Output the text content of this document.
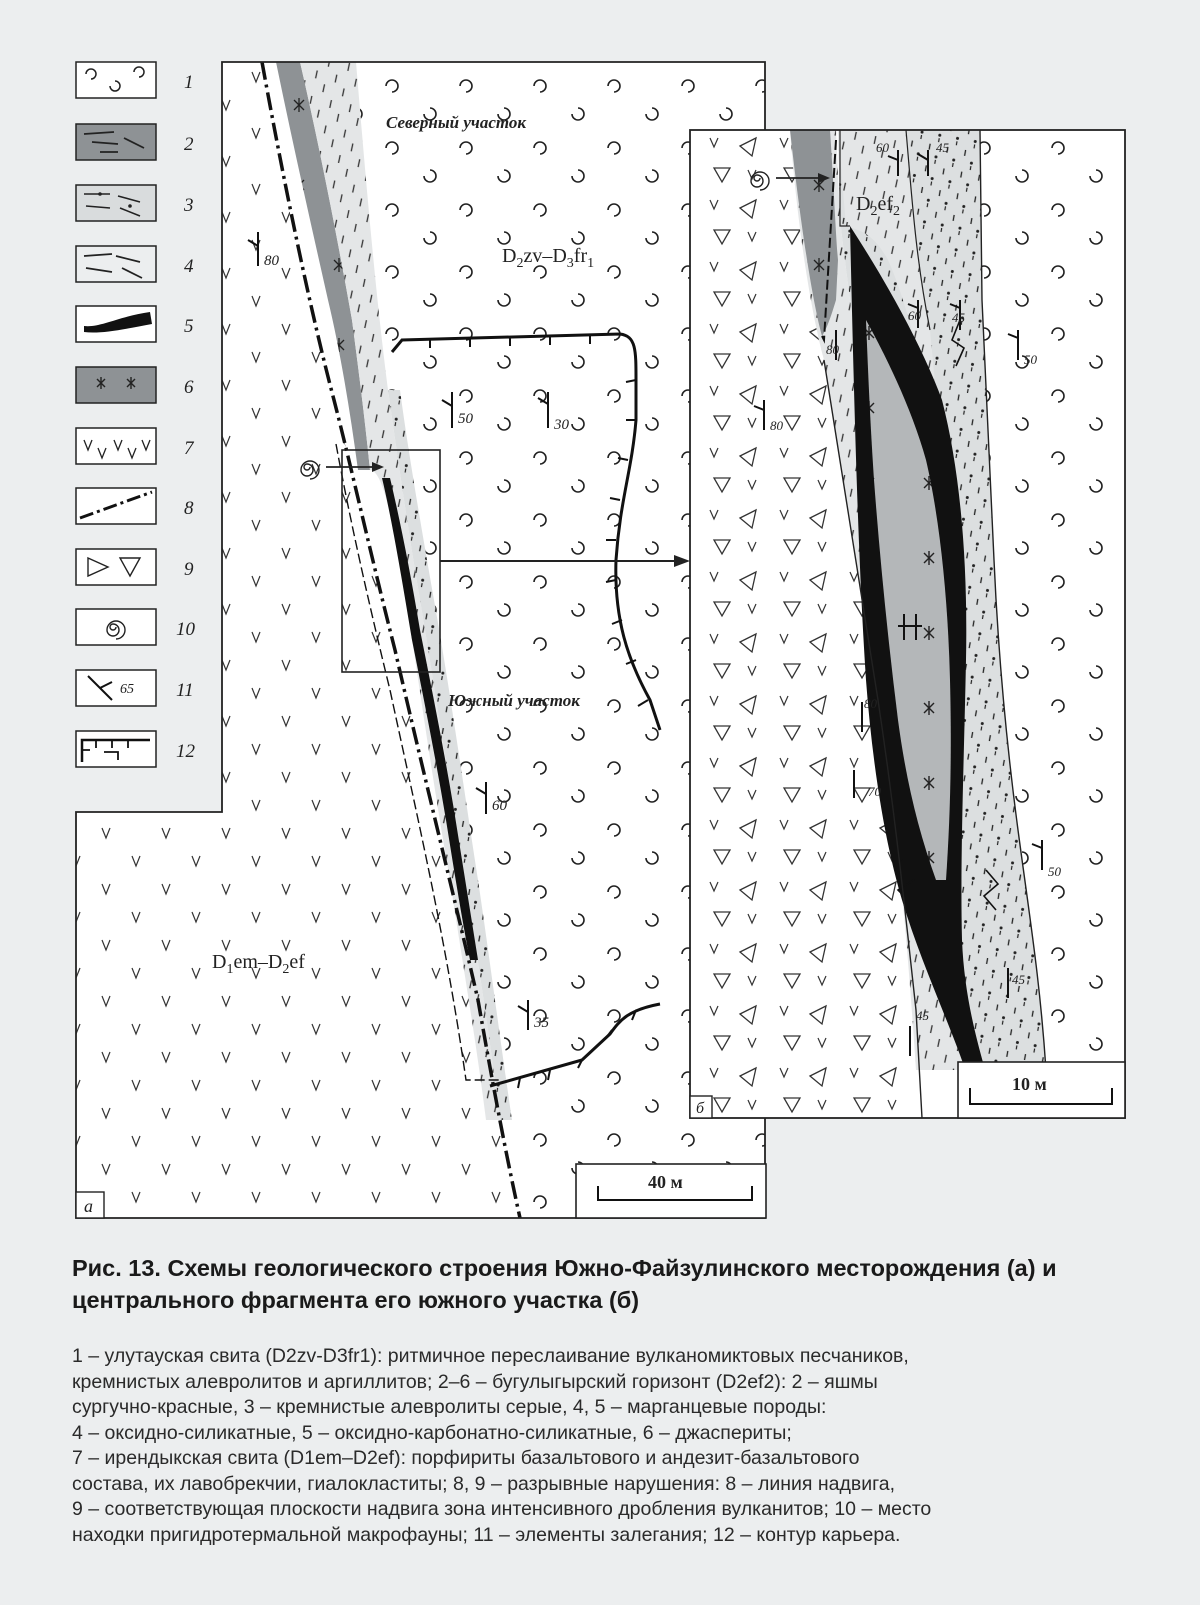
65
1
2
3
4
5
6
7
8
9
10
11
12
80
50	30
60
35
Северный участок
Южный участок
$D_2zv-D_3fr_1$
$D_1em-D_2ef$
40 м
а
60	45
60 45
80
80
50
80
70
50
45
45
$D_2ef_2$
10 м
б
Рис. 13. Схемы геологического строения Южно-Файзулинского месторождения (а) и центрального фрагмента его южного участка (б)

1 – улутауская свита (D2zv-D3fr1): ритмичное переслаивание вулканомиктовых песчаников,

кремнистых алевролитов и аргиллитов; 2–6 – бугулыгырский горизонт (D2ef2): 2 – яшмы

сургучно-красные, 3 – кремнистые алевролиты серые, 4, 5 – марганцевые породы:

4 – оксидно-силикатные, 5 – оксидно-карбонатно-силикатные, 6 – джаспериты;

7 – ирендыкская свита (D1em–D2ef): порфириты базальтового и андезит-базальтового

состава, их лавобрекчии, гиалокластиты; 8, 9 – разрывные нарушения: 8 – линия надвига,

9 – соответствующая плоскости надвига зона интенсивного дробления вулканитов; 10 – место

находки пригидротермальной макрофауны; 11 – элементы залегания; 12 – контур карьера.
